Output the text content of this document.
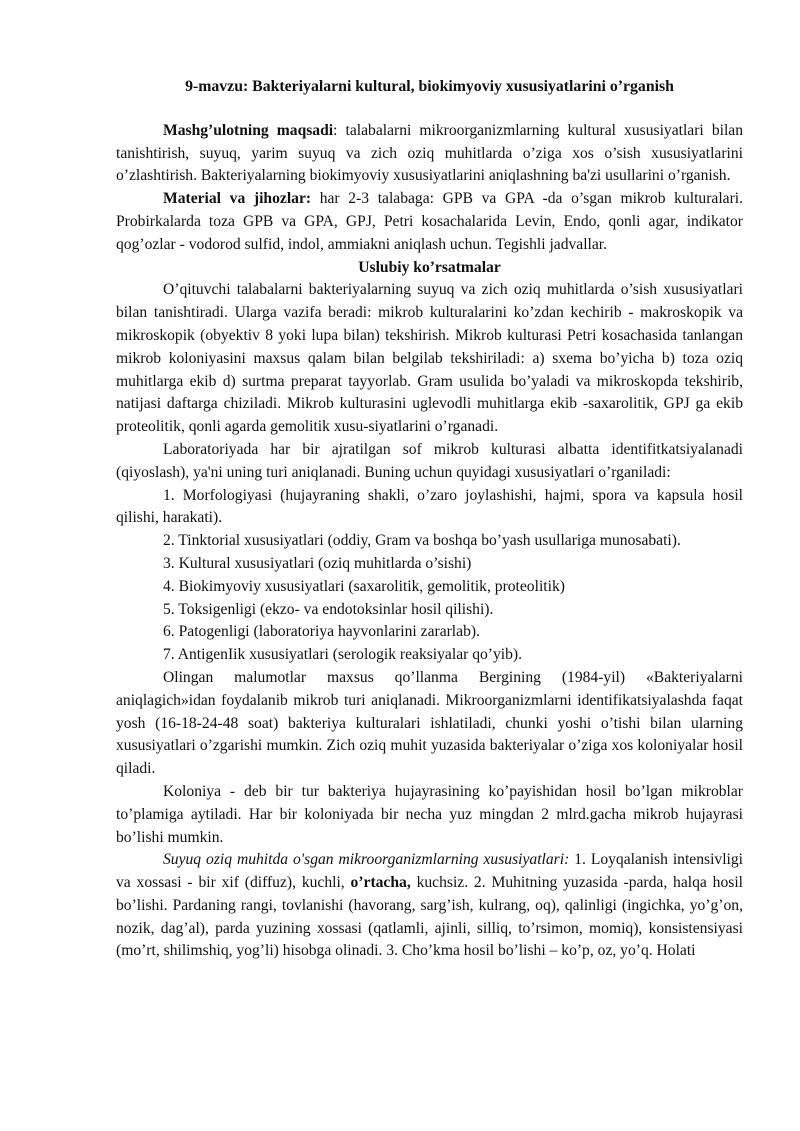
9-mavzu: Bakteriyalarni kultural, biokimyoviy xususiyatlarini o’rganish

Mashg’ulotning maqsadi: talabalarni mikroorganizmlarning kultural xususiyatlari bilan tanishtirish, suyuq, yarim suyuq va zich oziq muhitlarda o’ziga xos o’sish xususiyatlarini o’zlashtirish. Bakteriyalarning biokimyoviy xususiyatlarini aniqlashning ba'zi usullarini o’rganish.

Material va jihozlar: har 2-3 talabaga: GPB va GPA -da o’sgan mikrob kulturalari. Probirkalarda toza GPB va GPA, GPJ, Petri kosachalarida Levin, Endo, qonli agar, indikator qog’ozlar - vodorod sulfid, indol, ammiakni aniqlash uchun. Tegishli jadvallar.

Uslubiy ko’rsatmalar

O’qituvchi talabalarni bakteriyalarning suyuq va zich oziq muhitlarda o’sish xususiyatlari bilan tanishtiradi. Ularga vazifa beradi: mikrob kulturalarini ko’zdan kechirib - makroskopik va mikroskopik (obyektiv 8 yoki lupa bilan) tekshirish. Mikrob kulturasi Petri kosachasida tanlangan mikrob koloniyasini maxsus qalam bilan belgilab tekshiriladi: a) sxema bo’yicha b) toza oziq muhitlarga ekib d) surtma preparat tayyorlab. Gram usulida bo’yaladi va mikroskopda tekshirib, natijasi daftarga chiziladi. Mikrob kulturasini uglevodli muhitlarga ekib -saxarolitik, GPJ ga ekib proteolitik, qonli agarda gemolitik xusu-siyatlarini o’rganadi.

Laboratoriyada har bir ajratilgan sof mikrob kulturasi albatta identifitkatsiyalanadi (qiyoslash), ya'ni uning turi aniqlanadi. Buning uchun quyidagi xususiyatlari o’rganiladi:

1. Morfologiyasi (hujayraning shakli, o’zaro joylashishi, hajmi, spora va kapsula hosil qilishi, harakati).

2. Tinktorial xususiyatlari (oddiy, Gram va boshqa bo’yash usullariga munosabati).

3. Kultural xususiyatlari (oziq muhitlarda o’sishi)

4. Biokimyoviy xususiyatlari (saxarolitik, gemolitik, proteolitik)

5. Toksigenligi (ekzo- va endotoksinlar hosil qilishi).

6. Patogenligi (laboratoriya hayvonlarini zararlab).

7. AntigenIik xususiyatlari (serologik reaksiyalar qo’yib).

Olingan malumotlar maxsus qo’llanma Bergining (1984-yil) «Bakteriyalarni aniqlagich»idan foydalanib mikrob turi aniqlanadi. Mikroorganizmlarni identifikatsiyalashda faqat yosh (16-18-24-48 soat) bakteriya kulturalari ishlatiladi, chunki yoshi o’tishi bilan ularning xususiyatlari o’zgarishi mumkin. Zich oziq muhit yuzasida bakteriyalar o’ziga xos koloniyalar hosil qiladi.

Koloniya - deb bir tur bakteriya hujayrasining ko’payishidan hosil bo’lgan mikroblar to’plamiga aytiladi. Har bir koloniyada bir necha yuz mingdan 2 mlrd.gacha mikrob hujayrasi bo’lishi mumkin.

Suyuq oziq muhitda o'sgan mikroorganizmlarning xususiyatlari: 1. Loyqalanish intensivligi va xossasi - bir xif (diffuz), kuchli, o’rtacha, kuchsiz. 2. Muhitning yuzasida -parda, halqa hosil bo’lishi. Pardaning rangi, tovlanishi (havorang, sarg’ish, kulrang, oq), qalinligi (ingichka, yo’g’on, nozik, dag’al), parda yuzining xossasi (qatlamli, ajinli, silliq, to’rsimon, momiq), konsistensiyasi (mo’rt, shilimshiq, yog’li) hisobga olinadi. 3. Cho’kma hosil bo’lishi – ko’p, oz, yo’q. Holati
